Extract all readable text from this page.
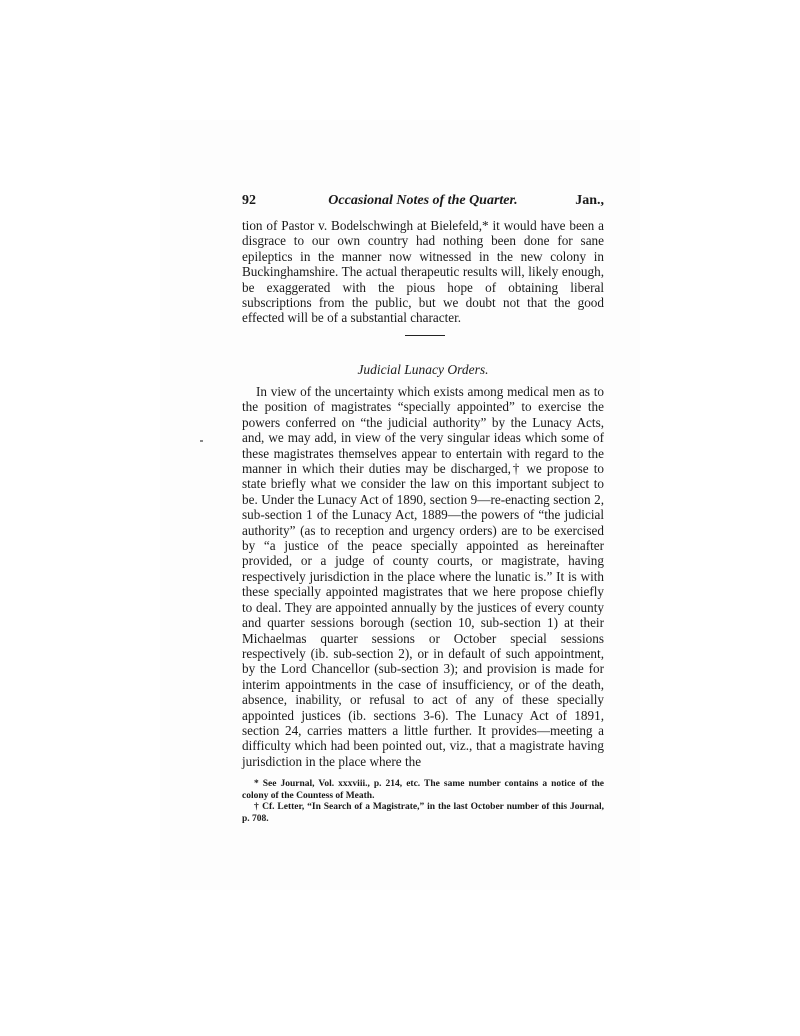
92	Occasional Notes of the Quarter.	Jan.,
tion of Pastor v. Bodelschwingh at Bielefeld,* it would have been a disgrace to our own country had nothing been done for sane epileptics in the manner now witnessed in the new colony in Buckinghamshire. The actual therapeutic results will, likely enough, be exaggerated with the pious hope of obtaining liberal subscriptions from the public, but we doubt not that the good effected will be of a substantial character.
Judicial Lunacy Orders.
In view of the uncertainty which exists among medical men as to the position of magistrates “specially appointed” to exercise the powers conferred on “the judicial authority” by the Lunacy Acts, and, we may add, in view of the very singular ideas which some of these magistrates themselves appear to entertain with regard to the manner in which their duties may be discharged,† we propose to state briefly what we consider the law on this important subject to be. Under the Lunacy Act of 1890, section 9—re-enacting section 2, sub-section 1 of the Lunacy Act, 1889—the powers of “the judicial authority” (as to reception and urgency orders) are to be exercised by “a justice of the peace specially appointed as hereinafter provided, or a judge of county courts, or magistrate, having respectively jurisdiction in the place where the lunatic is.” It is with these specially appointed magistrates that we here propose chiefly to deal. They are appointed annually by the justices of every county and quarter sessions borough (section 10, sub-section 1) at their Michaelmas quarter sessions or October special sessions respectively (ib. sub-section 2), or in default of such appointment, by the Lord Chancellor (sub-section 3); and provision is made for interim appointments in the case of insufficiency, or of the death, absence, inability, or refusal to act of any of these specially appointed justices (ib. sections 3-6). The Lunacy Act of 1891, section 24, carries matters a little further. It provides—meeting a difficulty which had been pointed out, viz., that a magistrate having jurisdiction in the place where the

* See Journal, Vol. xxxviii., p. 214, etc. The same number contains a notice of the colony of the Countess of Meath.

† Cf. Letter, “In Search of a Magistrate,” in the last October number of this Journal, p. 708.
